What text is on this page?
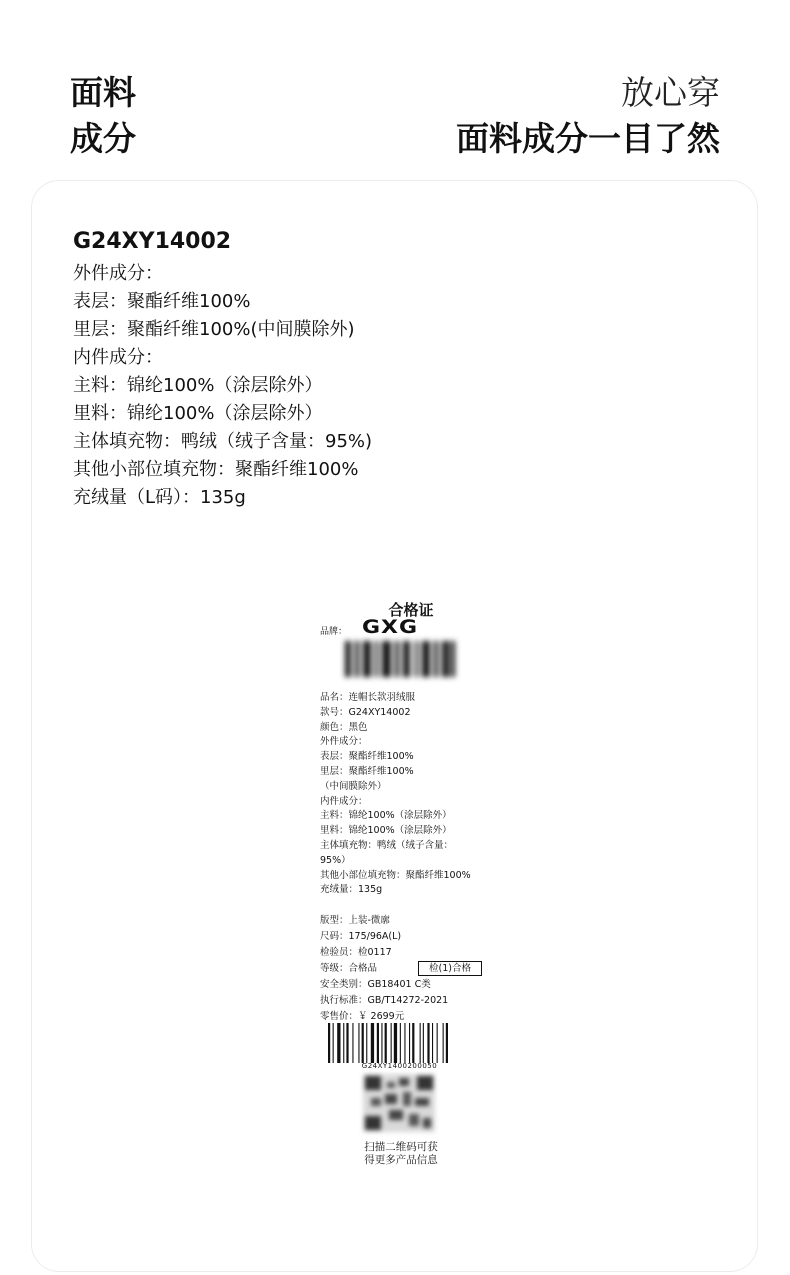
面料
成分
放心穿
面料成分一目了然
G24XY14002
外件成分：
表层：聚酯纤维100%
里层：聚酯纤维100%(中间膜除外)
内件成分：
主料：锦纶100%（涂层除外）
里料：锦纶100%（涂层除外）
主体填充物：鸭绒（绒子含量：95%)
其他小部位填充物：聚酯纤维100%
充绒量（L码）：135g
合格证
品牌： GXG
品名：连帽长款羽绒服
款号：G24XY14002
颜色：黑色
外件成分：
表层：聚酯纤维100%
里层：聚酯纤维100%
（中间膜除外）
内件成分：
主料：锦纶100%（涂层除外）
里料：锦纶100%（涂层除外）
主体填充物：鸭绒（绒子含量：
95%）
其他小部位填充物：聚酯纤维100%
充绒量：135g
版型：上装-微廓
尺码：175/96A(L)
检验员：检0117
等级：合格品
安全类别：GB18401 C类
执行标准：GB/T14272-2021
零售价：￥ 2699元
检(1)合格
G24XY1400200050
扫描二维码可获
得更多产品信息
